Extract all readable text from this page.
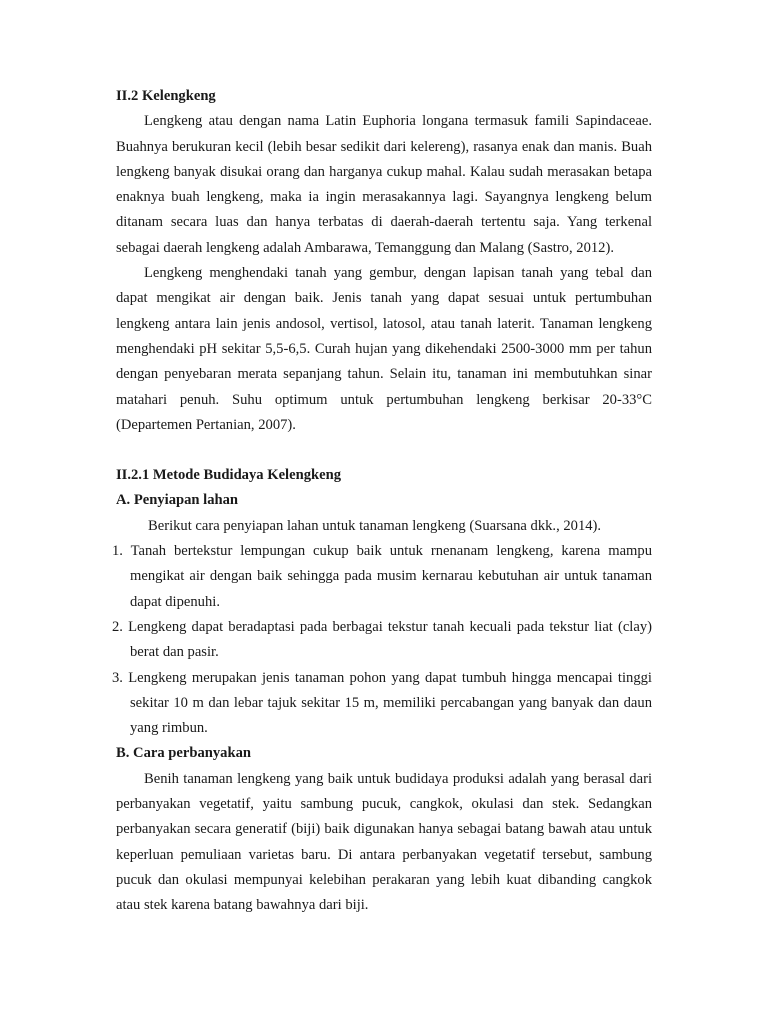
II.2 Kelengkeng

Lengkeng atau dengan nama Latin Euphoria longana termasuk famili Sapindaceae. Buahnya berukuran kecil (lebih besar sedikit dari kelereng), rasanya enak dan manis. Buah lengkeng banyak disukai orang dan harganya cukup mahal. Kalau sudah merasakan betapa enaknya buah lengkeng, maka ia ingin merasakannya lagi. Sayangnya lengkeng belum ditanam secara luas dan hanya terbatas di daerah-daerah tertentu saja. Yang terkenal sebagai daerah lengkeng adalah Ambarawa, Temanggung dan Malang (Sastro, 2012).

Lengkeng menghendaki tanah yang gembur, dengan lapisan tanah yang tebal dan dapat mengikat air dengan baik. Jenis tanah yang dapat sesuai untuk pertumbuhan lengkeng antara lain jenis andosol, vertisol, latosol, atau tanah laterit. Tanaman lengkeng menghendaki pH sekitar 5,5-6,5. Curah hujan yang dikehendaki 2500-3000 mm per tahun dengan penyebaran merata sepanjang tahun. Selain itu, tanaman ini membutuhkan sinar matahari penuh. Suhu optimum untuk pertumbuhan lengkeng berkisar 20-33°C (Departemen Pertanian, 2007).

II.2.1 Metode Budidaya Kelengkeng

A. Penyiapan lahan

Berikut cara penyiapan lahan untuk tanaman lengkeng (Suarsana dkk., 2014).

1. Tanah bertekstur lempungan cukup baik untuk rnenanam lengkeng, karena mampu mengikat air dengan baik sehingga pada musim kernarau kebutuhan air untuk tanaman dapat dipenuhi.
2. Lengkeng dapat beradaptasi pada berbagai tekstur tanah kecuali pada tekstur liat (clay) berat dan pasir.
3. Lengkeng merupakan jenis tanaman pohon yang dapat tumbuh hingga mencapai tinggi sekitar 10 m dan lebar tajuk sekitar 15 m, memiliki percabangan yang banyak dan daun yang rimbun.

B. Cara perbanyakan

Benih tanaman lengkeng yang baik untuk budidaya produksi adalah yang berasal dari perbanyakan vegetatif, yaitu sambung pucuk, cangkok, okulasi dan stek. Sedangkan perbanyakan secara generatif (biji) baik digunakan hanya sebagai batang bawah atau untuk keperluan pemuliaan varietas baru. Di antara perbanyakan vegetatif tersebut, sambung pucuk dan okulasi mempunyai kelebihan perakaran yang lebih kuat dibanding cangkok atau stek karena batang bawahnya dari biji.
